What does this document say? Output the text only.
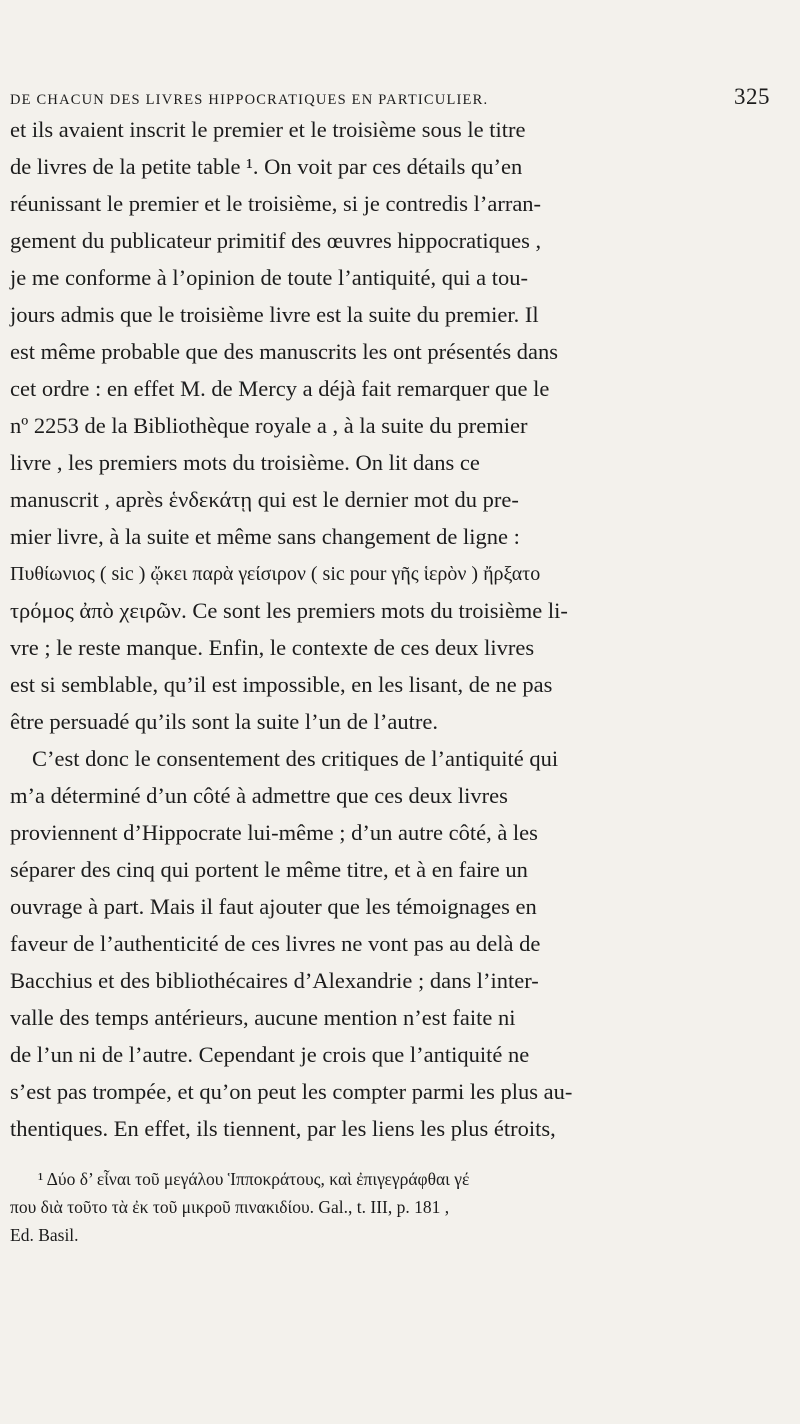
DE CHACUN DES LIVRES HIPPOCRATIQUES EN PARTICULIER.	325
et ils avaient inscrit le premier et le troisième sous le titre
de livres de la petite table ¹. On voit par ces détails qu’en
réunissant le premier et le troisième, si je contredis l’arran-
gement du publicateur primitif des œuvres hippocratiques ,
je me conforme à l’opinion de toute l’antiquité, qui a tou-
jours admis que le troisième livre est la suite du premier. Il
est même probable que des manuscrits les ont présentés dans
cet ordre : en effet M. de Mercy a déjà fait remarquer que le
nº 2253 de la Bibliothèque royale a , à la suite du premier
livre , les premiers mots du troisième. On lit dans ce
manuscrit , après ἑνδεκάτῃ qui est le dernier mot du pre-
mier livre, à la suite et même sans changement de ligne :
Πυθίωνιος ( sic ) ᾤκει παρὰ γείσιρον ( sic pour γῆς ἱερὸν ) ἤρξατο
τρόμος ἀπὸ χειρῶν. Ce sont les premiers mots du troisième li-
vre ; le reste manque. Enfin, le contexte de ces deux livres
est si semblable, qu’il est impossible, en les lisant, de ne pas
être persuadé qu’ils sont la suite l’un de l’autre.
C’est donc le consentement des critiques de l’antiquité qui
m’a déterminé d’un côté à admettre que ces deux livres
proviennent d’Hippocrate lui-même ; d’un autre côté, à les
séparer des cinq qui portent le même titre, et à en faire un
ouvrage à part. Mais il faut ajouter que les témoignages en
faveur de l’authenticité de ces livres ne vont pas au delà de
Bacchius et des bibliothécaires d’Alexandrie ; dans l’inter-
valle des temps antérieurs, aucune mention n’est faite ni
de l’un ni de l’autre. Cependant je crois que l’antiquité ne
s’est pas trompée, et qu’on peut les compter parmi les plus au-
thentiques. En effet, ils tiennent, par les liens les plus étroits,
¹ Δύο δ’ εἶναι τοῦ μεγάλου Ἱπποκράτους, καὶ ἐπιγεγράφθαι γέ
που διὰ τοῦτο τὰ ἐκ τοῦ μικροῦ πινακιδίου. Gal., t. III, p. 181 ,
Ed. Basil.
